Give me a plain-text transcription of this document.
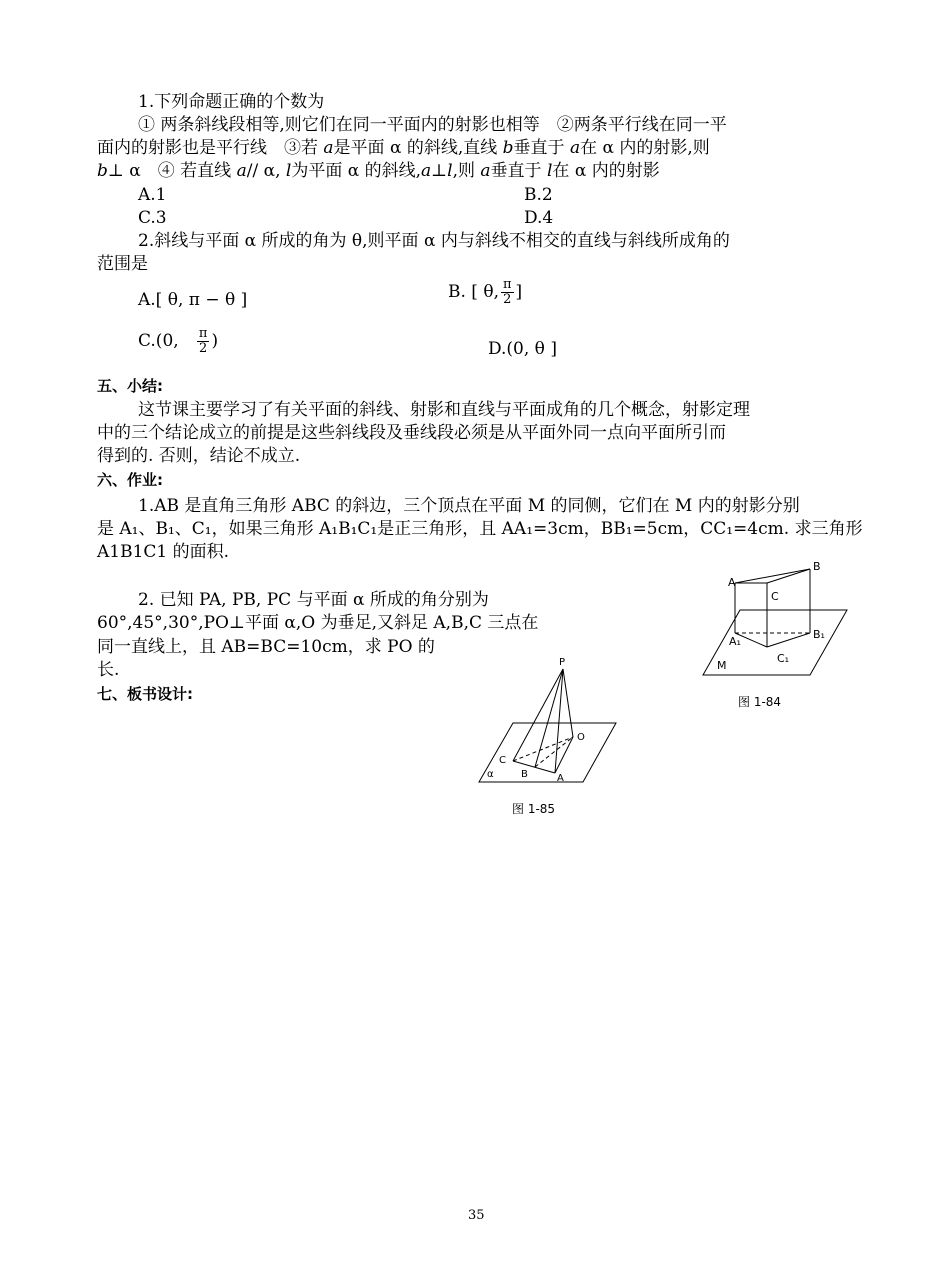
1.下列命题正确的个数为
① 两条斜线段相等,则它们在同一平面内的射影也相等　②两条平行线在同一平
面内的射影也是平行线　③若 a是平面 α 的斜线,直线 b垂直于 a在 α 内的射影,则
b⊥ α　④ 若直线 a// α, l为平面 α 的斜线,a⊥l,则 a垂直于 l在 α 内的射影
A.1	B.2
C.3	D.4
2.斜线与平面 α 所成的角为 θ,则平面 α 内与斜线不相交的直线与斜线所成角的
范围是
A.[ θ, π − θ ]	B. [ θ, $\frac{\pi}{2}$ ]
C.(0, $\frac{\pi}{2}$ )	D.(0, θ ]
五、小结:
这节课主要学习了有关平面的斜线、射影和直线与平面成角的几个概念，射影定理
中的三个结论成立的前提是这些斜线段及垂线段必须是从平面外同一点向平面所引而
得到的. 否则，结论不成立.
六、作业:
1.AB 是直角三角形 ABC 的斜边，三个顶点在平面 M 的同侧，它们在 M 内的射影分别
是 A₁、B₁、C₁，如果三角形 A₁B₁C₁是正三角形，且 AA₁=3cm，BB₁=5cm，CC₁=4cm. 求三角形
A1B1C1 的面积.
2. 已知 PA, PB, PC 与平面 α 所成的角分别为
60°,45°,30°,PO⊥平面 α,O 为垂足,又斜足 A,B,C 三点在
同一直线上，且 AB=BC=10cm，求 PO 的
长.
七、板书设计:
A
B
C
A₁
B₁
C₁
M
图 1-84
P
O
C
B	A
α
图 1-85
35
